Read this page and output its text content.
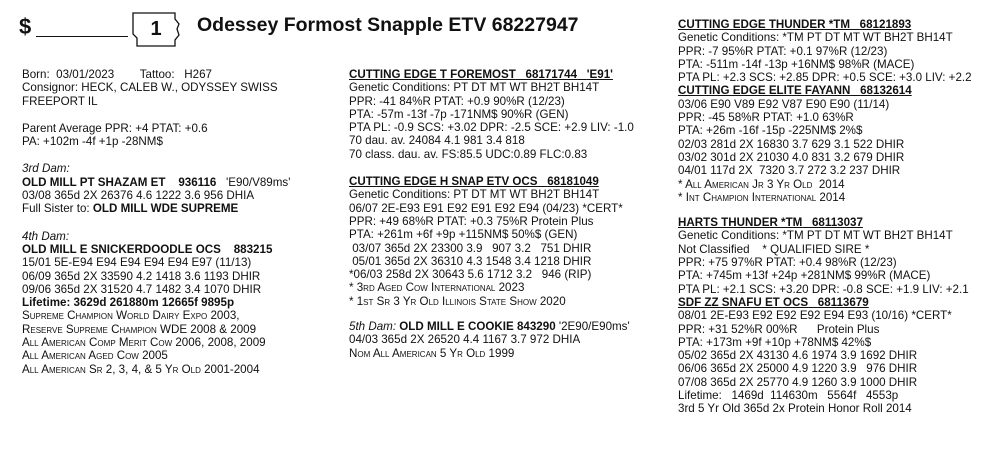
$	1	Odessey Formost Snapple ETV 68227947
Born: 03/01/2023 Tattoo: H267
Consignor: HECK, CALEB W., ODYSSEY SWISS
FREEPORT IL
Parent Average PPR: +4 PTAT: +0.6
PA: +102m -4f +1p -28NM$
3rd Dam:
OLD MILL PT SHAZAM ET 936116 'E90/V89ms'
03/08 365d 2X 26376 4.6 1222 3.6 956 DHIA
Full Sister to: OLD MILL WDE SUPREME
4th Dam:
OLD MILL E SNICKERDOODLE OCS 883215
15/01 5E-E94 E94 E94 E94 E94 E97 (11/13)
06/09 365d 2X 33590 4.2 1418 3.6 1193 DHIR
09/06 365d 2X 31520 4.7 1482 3.4 1070 DHIR
Lifetime: 3629d 261880m 12665f 9895p
Supreme Champion World Dairy Expo 2003,
Reserve Supreme Champion WDE 2008 & 2009
All American Comp Merit Cow 2006, 2008, 2009
All American Aged Cow 2005
All American Sr 2, 3, 4, & 5 Yr Old 2001-2004
CUTTING EDGE T FOREMOST 68171744 'E91'
Genetic Conditions: PT DT MT WT BH2T BH14T
PPR: -41 84%R PTAT: +0.9 90%R (12/23)
PTA: -57m -13f -7p -171NM$ 90%R (GEN)
PTA PL: -0.9 SCS: +3.02 DPR: -2.5 SCE: +2.9 LIV: -1.0
70 dau. av. 24084 4.1 981 3.4 818
70 class. dau. av. FS:85.5 UDC:0.89 FLC:0.83
CUTTING EDGE H SNAP ETV OCS 68181049
Genetic Conditions: PT DT MT WT BH2T BH14T
06/07 2E-E93 E91 E92 E91 E92 E94 (04/23) *CERT*
PPR: +49 68%R PTAT: +0.3 75%R Protein Plus
PTA: +261m +6f +9p +115NM$ 50%$ (GEN)
03/07 365d 2X 23300 3.9   907 3.2   751 DHIR
05/01 365d 2X 36310 4.3 1548 3.4 1218 DHIR
*06/03 258d 2X 30643 5.6 1712 3.2   946 (RIP)
* 3rd Aged Cow International 2023
* 1st Sr 3 Yr Old Illinois State Show 2020
5th Dam: OLD MILL E COOKIE 843290 '2E90/E90ms'
04/03 365d 2X 26520 4.4 1167 3.7 972 DHIA
Nom All American 5 Yr Old 1999
CUTTING EDGE THUNDER *TM 68121893
Genetic Conditions: *TM PT DT MT WT BH2T BH14T
PPR: -7 95%R PTAT: +0.1 97%R (12/23)
PTA: -511m -14f -13p +16NM$ 98%R (MACE)
PTA PL: +2.3 SCS: +2.85 DPR: +0.5 SCE: +3.0 LIV: +2.2
CUTTING EDGE ELITE FAYANN 68132614
03/06 E90 V89 E92 V87 E90 E90 (11/14)
PPR: -45 58%R PTAT: +1.0 63%R
PTA: +26m -16f -15p -225NM$ 2%$
02/03 281d 2X 16830 3.7 629 3.1 522 DHIR
03/02 301d 2X 21030 4.0 831 3.2 679 DHIR
04/01 117d 2X  7320 3.7 272 3.2 237 DHIR
* All American Jr 3 Yr Old  2014
* Int Champion International 2014
HARTS THUNDER *TM 68113037
Genetic Conditions: *TM PT DT MT WT BH2T BH14T
Not Classified    * QUALIFIED SIRE *
PPR: +75 97%R PTAT: +0.4 98%R (12/23)
PTA: +745m +13f +24p +281NM$ 99%R (MACE)
PTA PL: +2.1 SCS: +3.20 DPR: -0.8 SCE: +1.9 LIV: +2.1
SDF ZZ SNAFU ET OCS 68113679
08/01 2E-E93 E92 E92 E92 E94 E93 (10/16) *CERT*
PPR: +31 52%R 00%R      Protein Plus
PTA: +173m +9f +10p +78NM$ 42%$
05/02 365d 2X 43130 4.6 1974 3.9 1692 DHIR
06/06 365d 2X 25000 4.9 1220 3.9   976 DHIR
07/08 365d 2X 25770 4.9 1260 3.9 1000 DHIR
Lifetime:   1469d  114630m   5564f   4553p
3rd 5 Yr Old 365d 2x Protein Honor Roll 2014
